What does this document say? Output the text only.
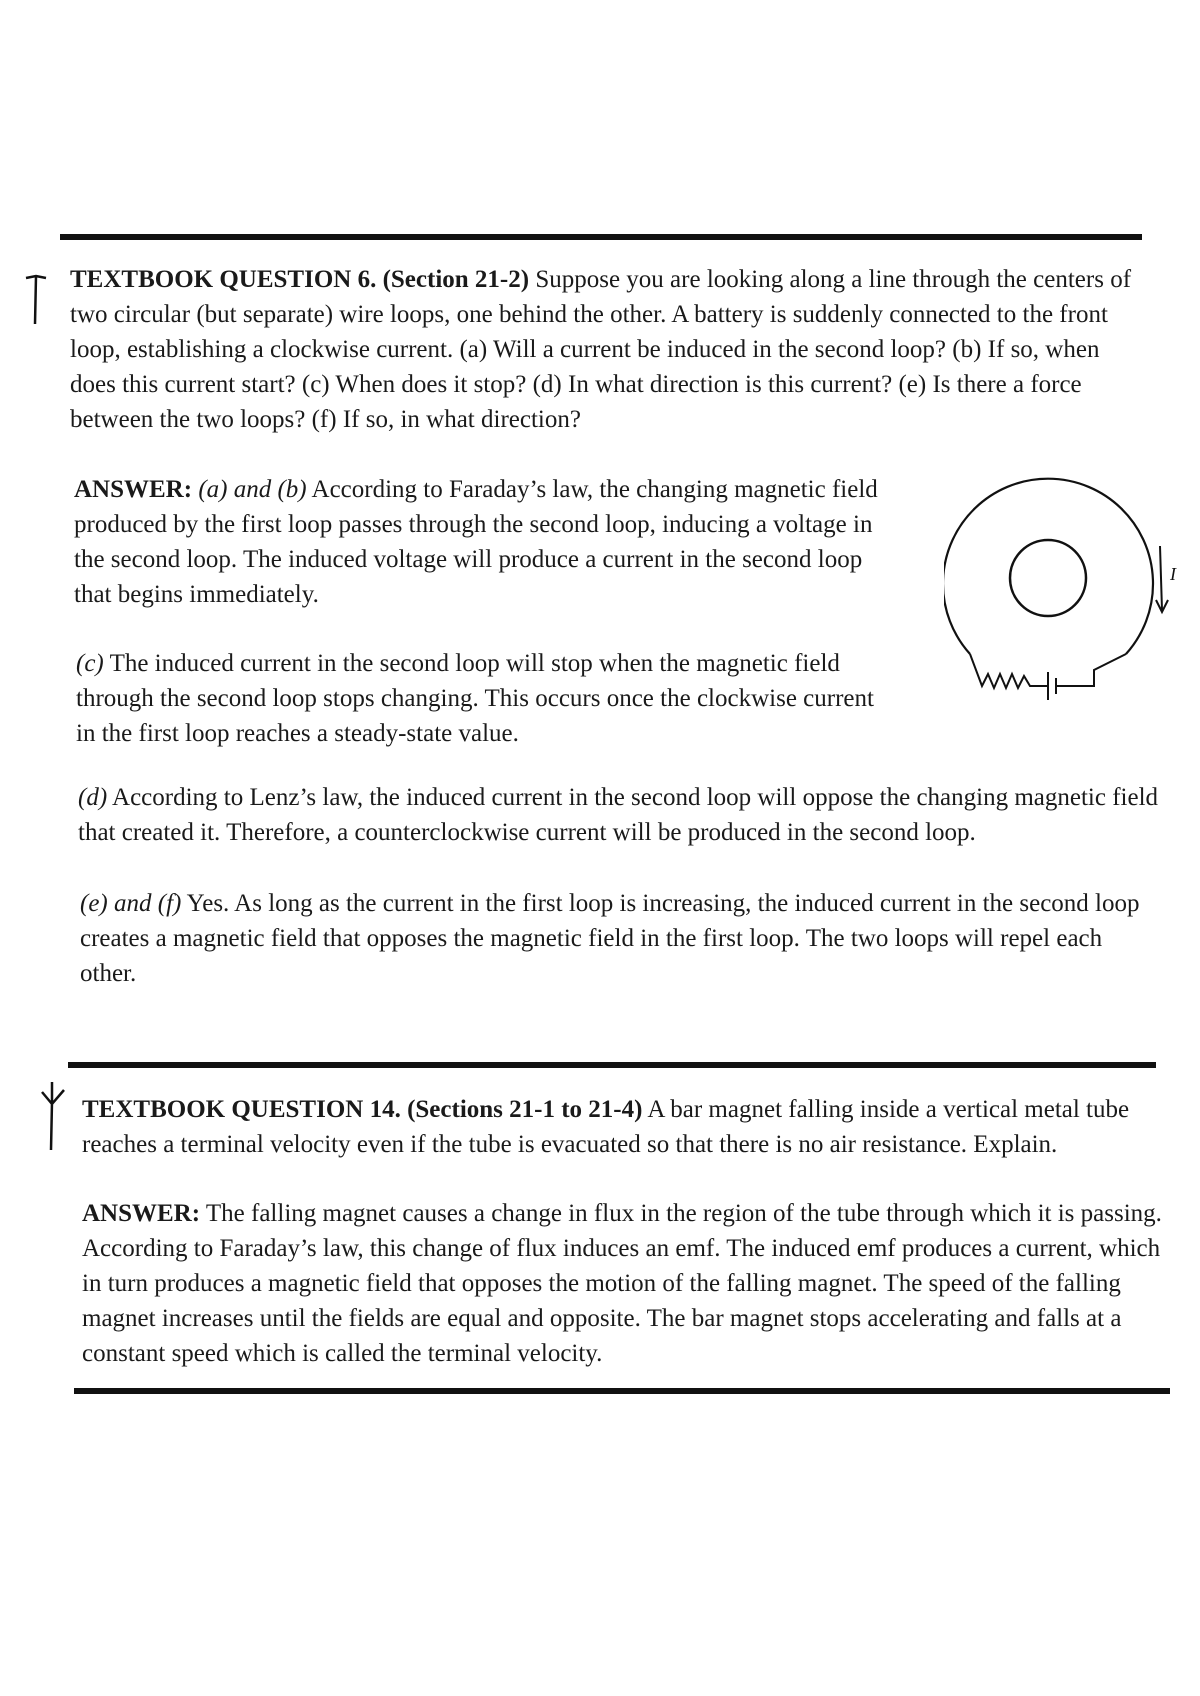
TEXTBOOK QUESTION 6. (Section 21-2) Suppose you are looking along a line through the centers of two circular (but separate) wire loops, one behind the other. A battery is suddenly connected to the front loop, establishing a clockwise current. (a) Will a current be induced in the second loop? (b) If so, when does this current start? (c) When does it stop? (d) In what direction is this current? (e) Is there a force between the two loops? (f) If so, in what direction?
ANSWER: (a) and (b) According to Faraday’s law, the changing magnetic field produced by the first loop passes through the second loop, inducing a voltage in the second loop. The induced voltage will produce a current in the second loop that begins immediately.
(c) The induced current in the second loop will stop when the magnetic field through the second loop stops changing. This occurs once the clockwise current in the first loop reaches a steady-state value.
I
(d) According to Lenz’s law, the induced current in the second loop will oppose the changing magnetic field that created it. Therefore, a counterclockwise current will be produced in the second loop.
(e) and (f) Yes. As long as the current in the first loop is increasing, the induced current in the second loop creates a magnetic field that opposes the magnetic field in the first loop. The two loops will repel each other.
TEXTBOOK QUESTION 14. (Sections 21-1 to 21-4) A bar magnet falling inside a vertical metal tube reaches a terminal velocity even if the tube is evacuated so that there is no air resistance. Explain.
ANSWER: The falling magnet causes a change in flux in the region of the tube through which it is passing. According to Faraday’s law, this change of flux induces an emf. The induced emf produces a current, which in turn produces a magnetic field that opposes the motion of the falling magnet. The speed of the falling magnet increases until the fields are equal and opposite. The bar magnet stops accelerating and falls at a constant speed which is called the terminal velocity.
